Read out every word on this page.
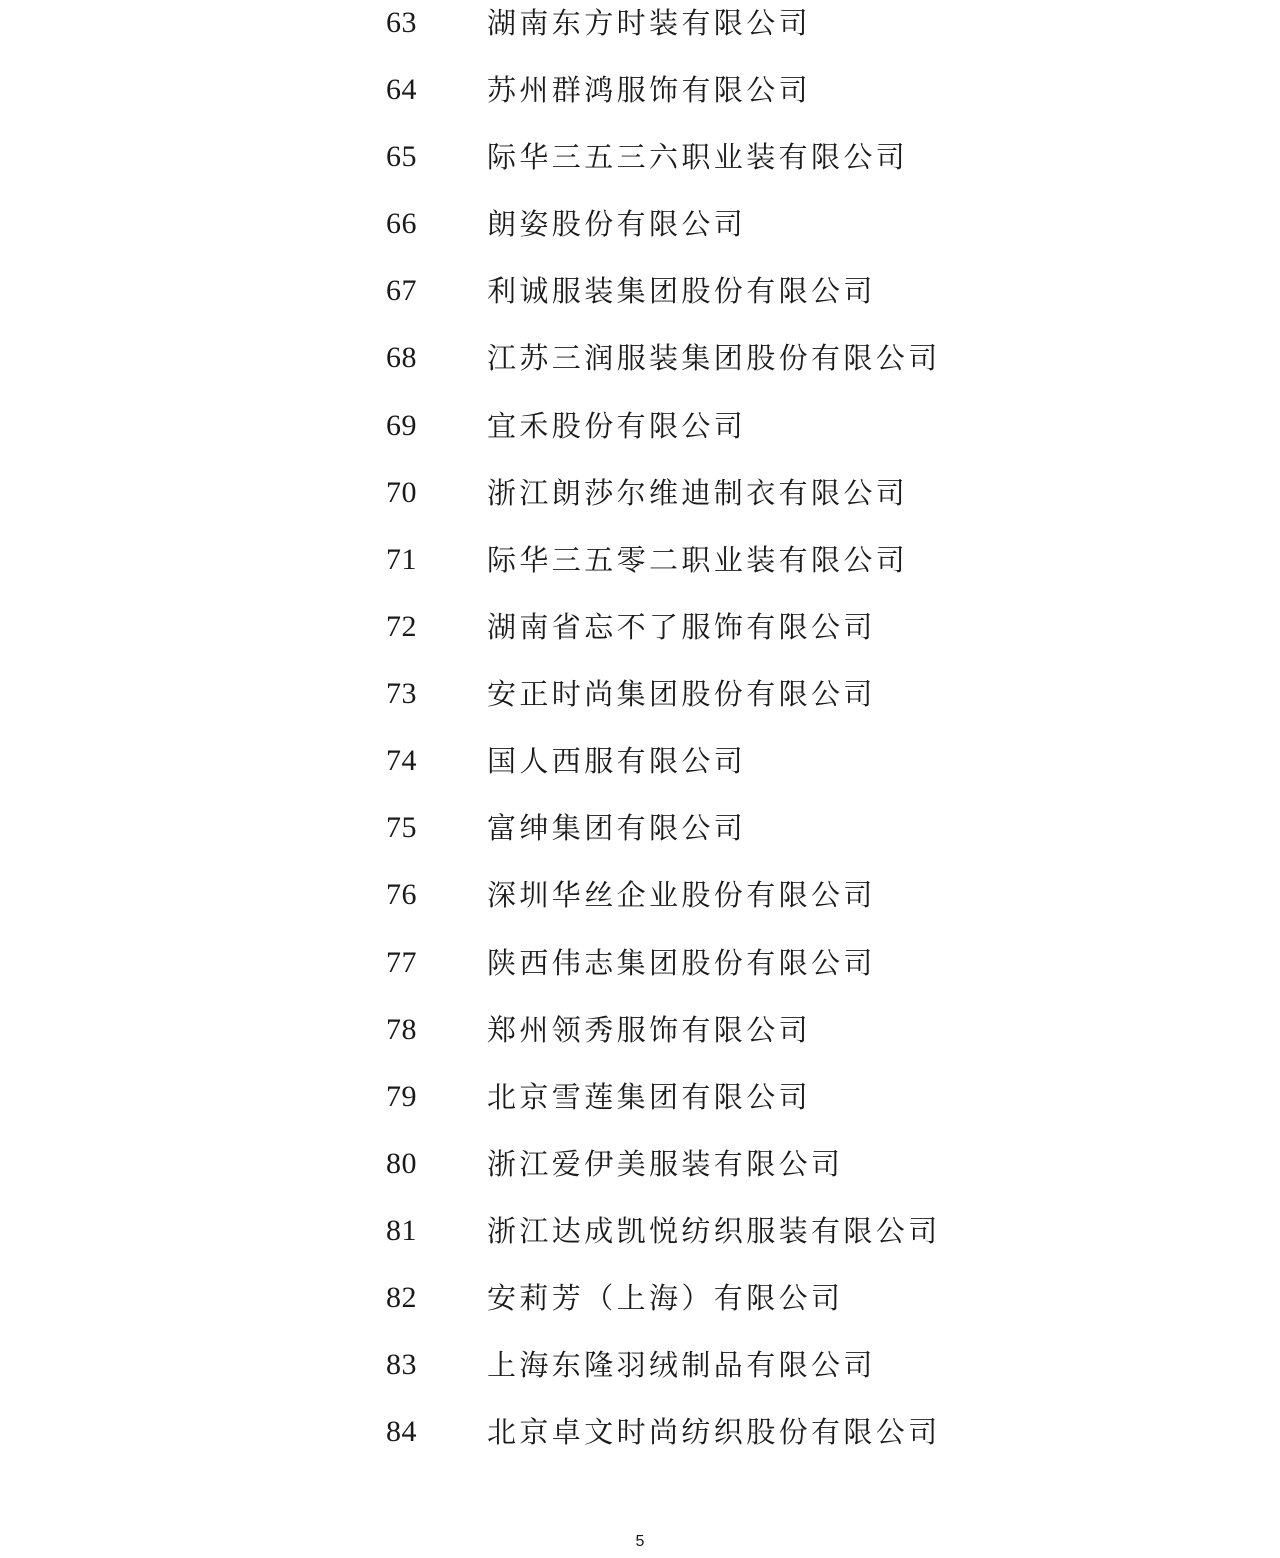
63 湖南东方时装有限公司
64 苏州群鸿服饰有限公司
65 际华三五三六职业装有限公司
66 朗姿股份有限公司
67 利诚服装集团股份有限公司
68 江苏三润服装集团股份有限公司
69 宜禾股份有限公司
70 浙江朗莎尔维迪制衣有限公司
71 际华三五零二职业装有限公司
72 湖南省忘不了服饰有限公司
73 安正时尚集团股份有限公司
74 国人西服有限公司
75 富绅集团有限公司
76 深圳华丝企业股份有限公司
77 陕西伟志集团股份有限公司
78 郑州领秀服饰有限公司
79 北京雪莲集团有限公司
80 浙江爱伊美服装有限公司
81 浙江达成凯悦纺织服装有限公司
82 安莉芳（上海）有限公司
83 上海东隆羽绒制品有限公司
84 北京卓文时尚纺织股份有限公司
5
